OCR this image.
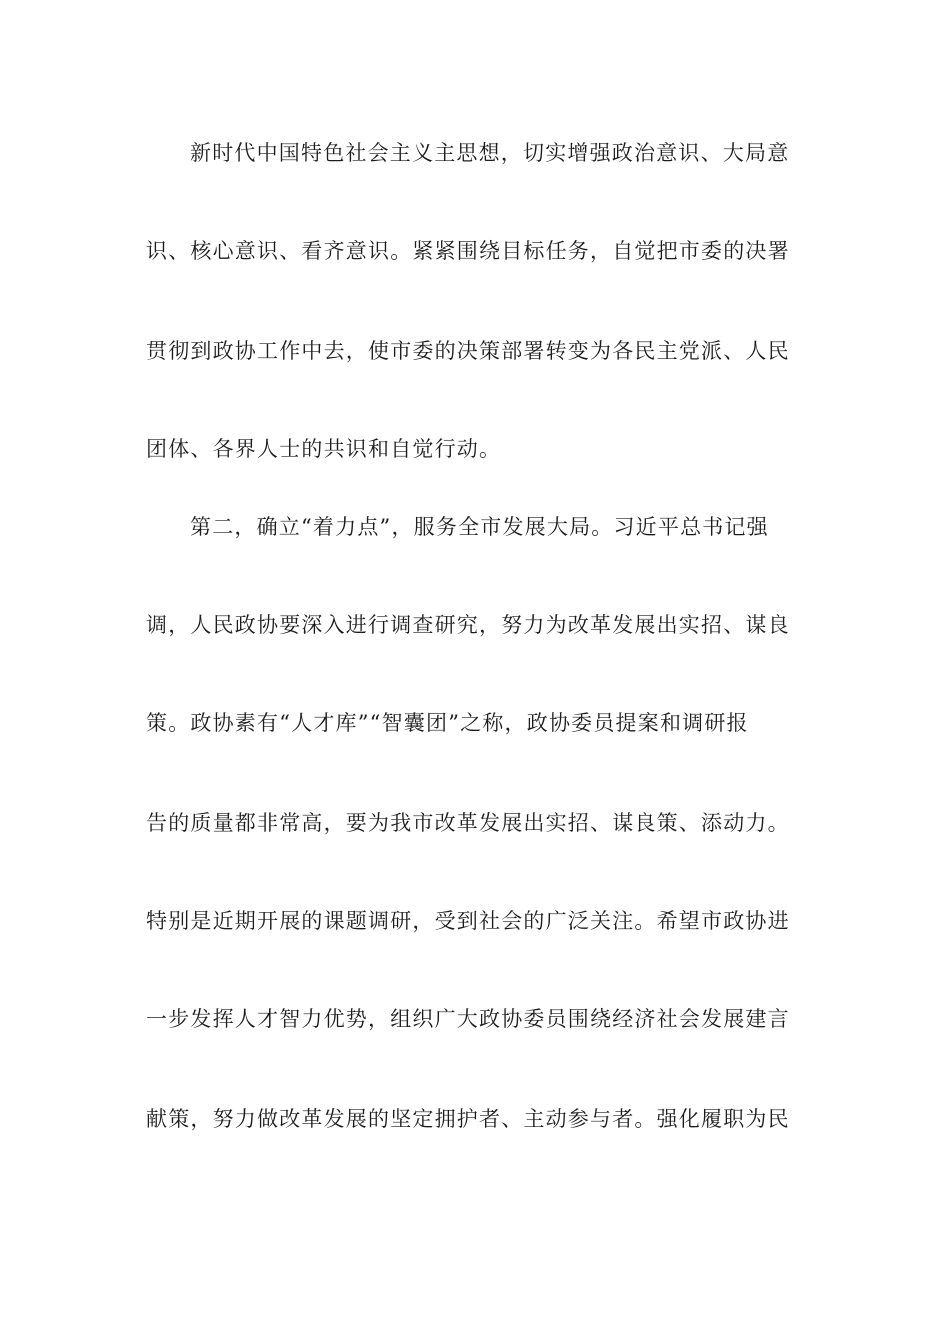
新时代中国特色社会主义主思想，切实增强政治意识、大局意
识、核心意识、看齐意识。紧紧围绕目标任务，自觉把市委的决署
贯彻到政协工作中去，使市委的决策部署转变为各民主党派、人民
团体、各界人士的共识和自觉行动。
第二，确立“着力点”，服务全市发展大局。习近平总书记强
调，人民政协要深入进行调查研究，努力为改革发展出实招、谋良
策。政协素有“人才库”“智囊团”之称，政协委员提案和调研报
告的质量都非常高，要为我市改革发展出实招、谋良策、添动力。
特别是近期开展的课题调研，受到社会的广泛关注。希望市政协进
一步发挥人才智力优势，组织广大政协委员围绕经济社会发展建言
献策，努力做改革发展的坚定拥护者、主动参与者。强化履职为民
